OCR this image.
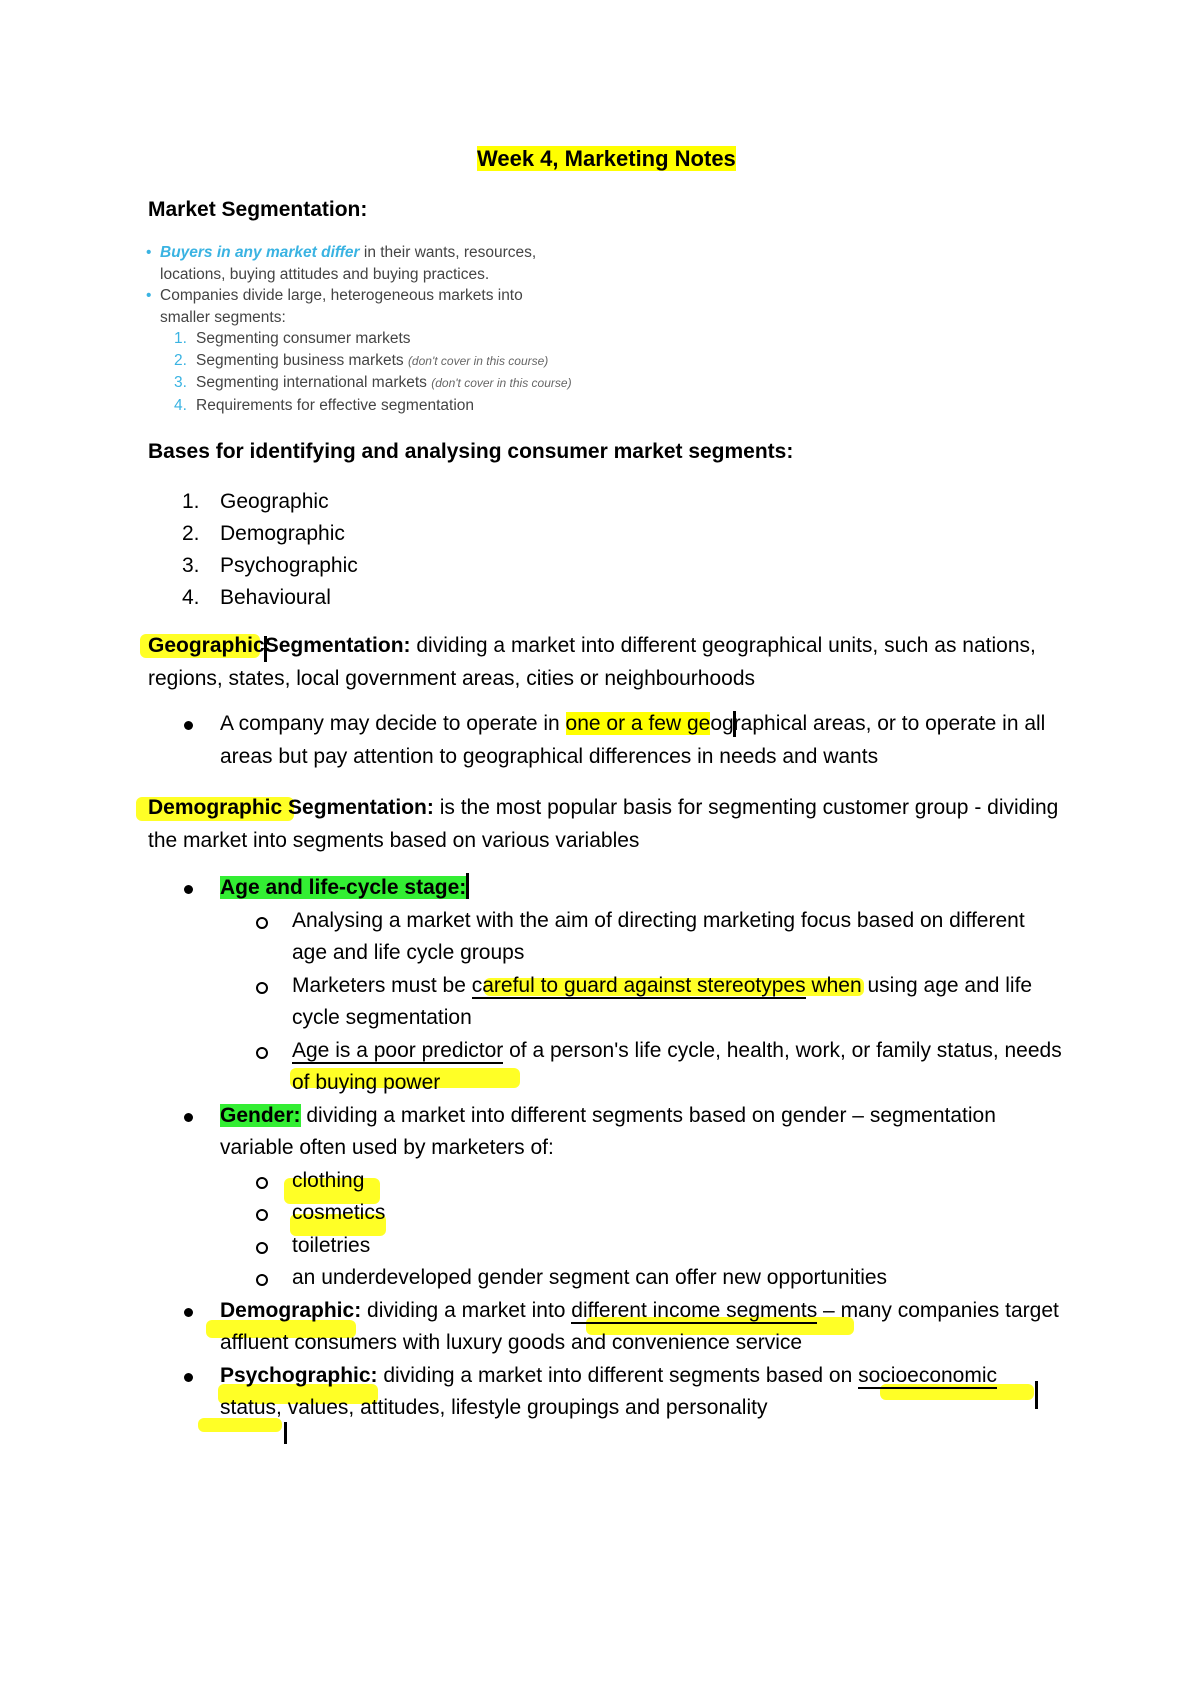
Week 4, Marketing Notes
Market Segmentation:
• Buyers in any market differ in their wants, resources,
locations, buying attitudes and buying practices.
• Companies divide large, heterogeneous markets into
smaller segments:
1. Segmenting consumer markets
2. Segmenting business markets (don't cover in this course)
3. Segmenting international markets (don't cover in this course)
4. Requirements for effective segmentation
Bases for identifying and analysing consumer market segments:
1. Geographic
2. Demographic
3. Psychographic
4. Behavioural
GeographicSegmentation: dividing a market into different geographical units, such as nations, regions, states, local government areas, cities or neighbourhoods
A company may decide to operate in one or a few geographical areas, or to operate in all areas but pay attention to geographical differences in needs and wants
Demographic Segmentation: is the most popular basis for segmenting customer group - dividing the market into segments based on various variables
Age and life-cycle stage:
Analysing a market with the aim of directing marketing focus based on different age and life cycle groups
Marketers must be careful to guard against stereotypes when using age and life cycle segmentation
Age is a poor predictor of a person's life cycle, health, work, or family status, needs of buying power
Gender: dividing a market into different segments based on gender – segmentation variable often used by marketers of:
clothing
cosmetics
toiletries
an underdeveloped gender segment can offer new opportunities
Demographic: dividing a market into different income segments – many companies target affluent consumers with luxury goods and convenience service
Psychographic: dividing a market into different segments based on socioeconomic status, values, attitudes, lifestyle groupings and personality
